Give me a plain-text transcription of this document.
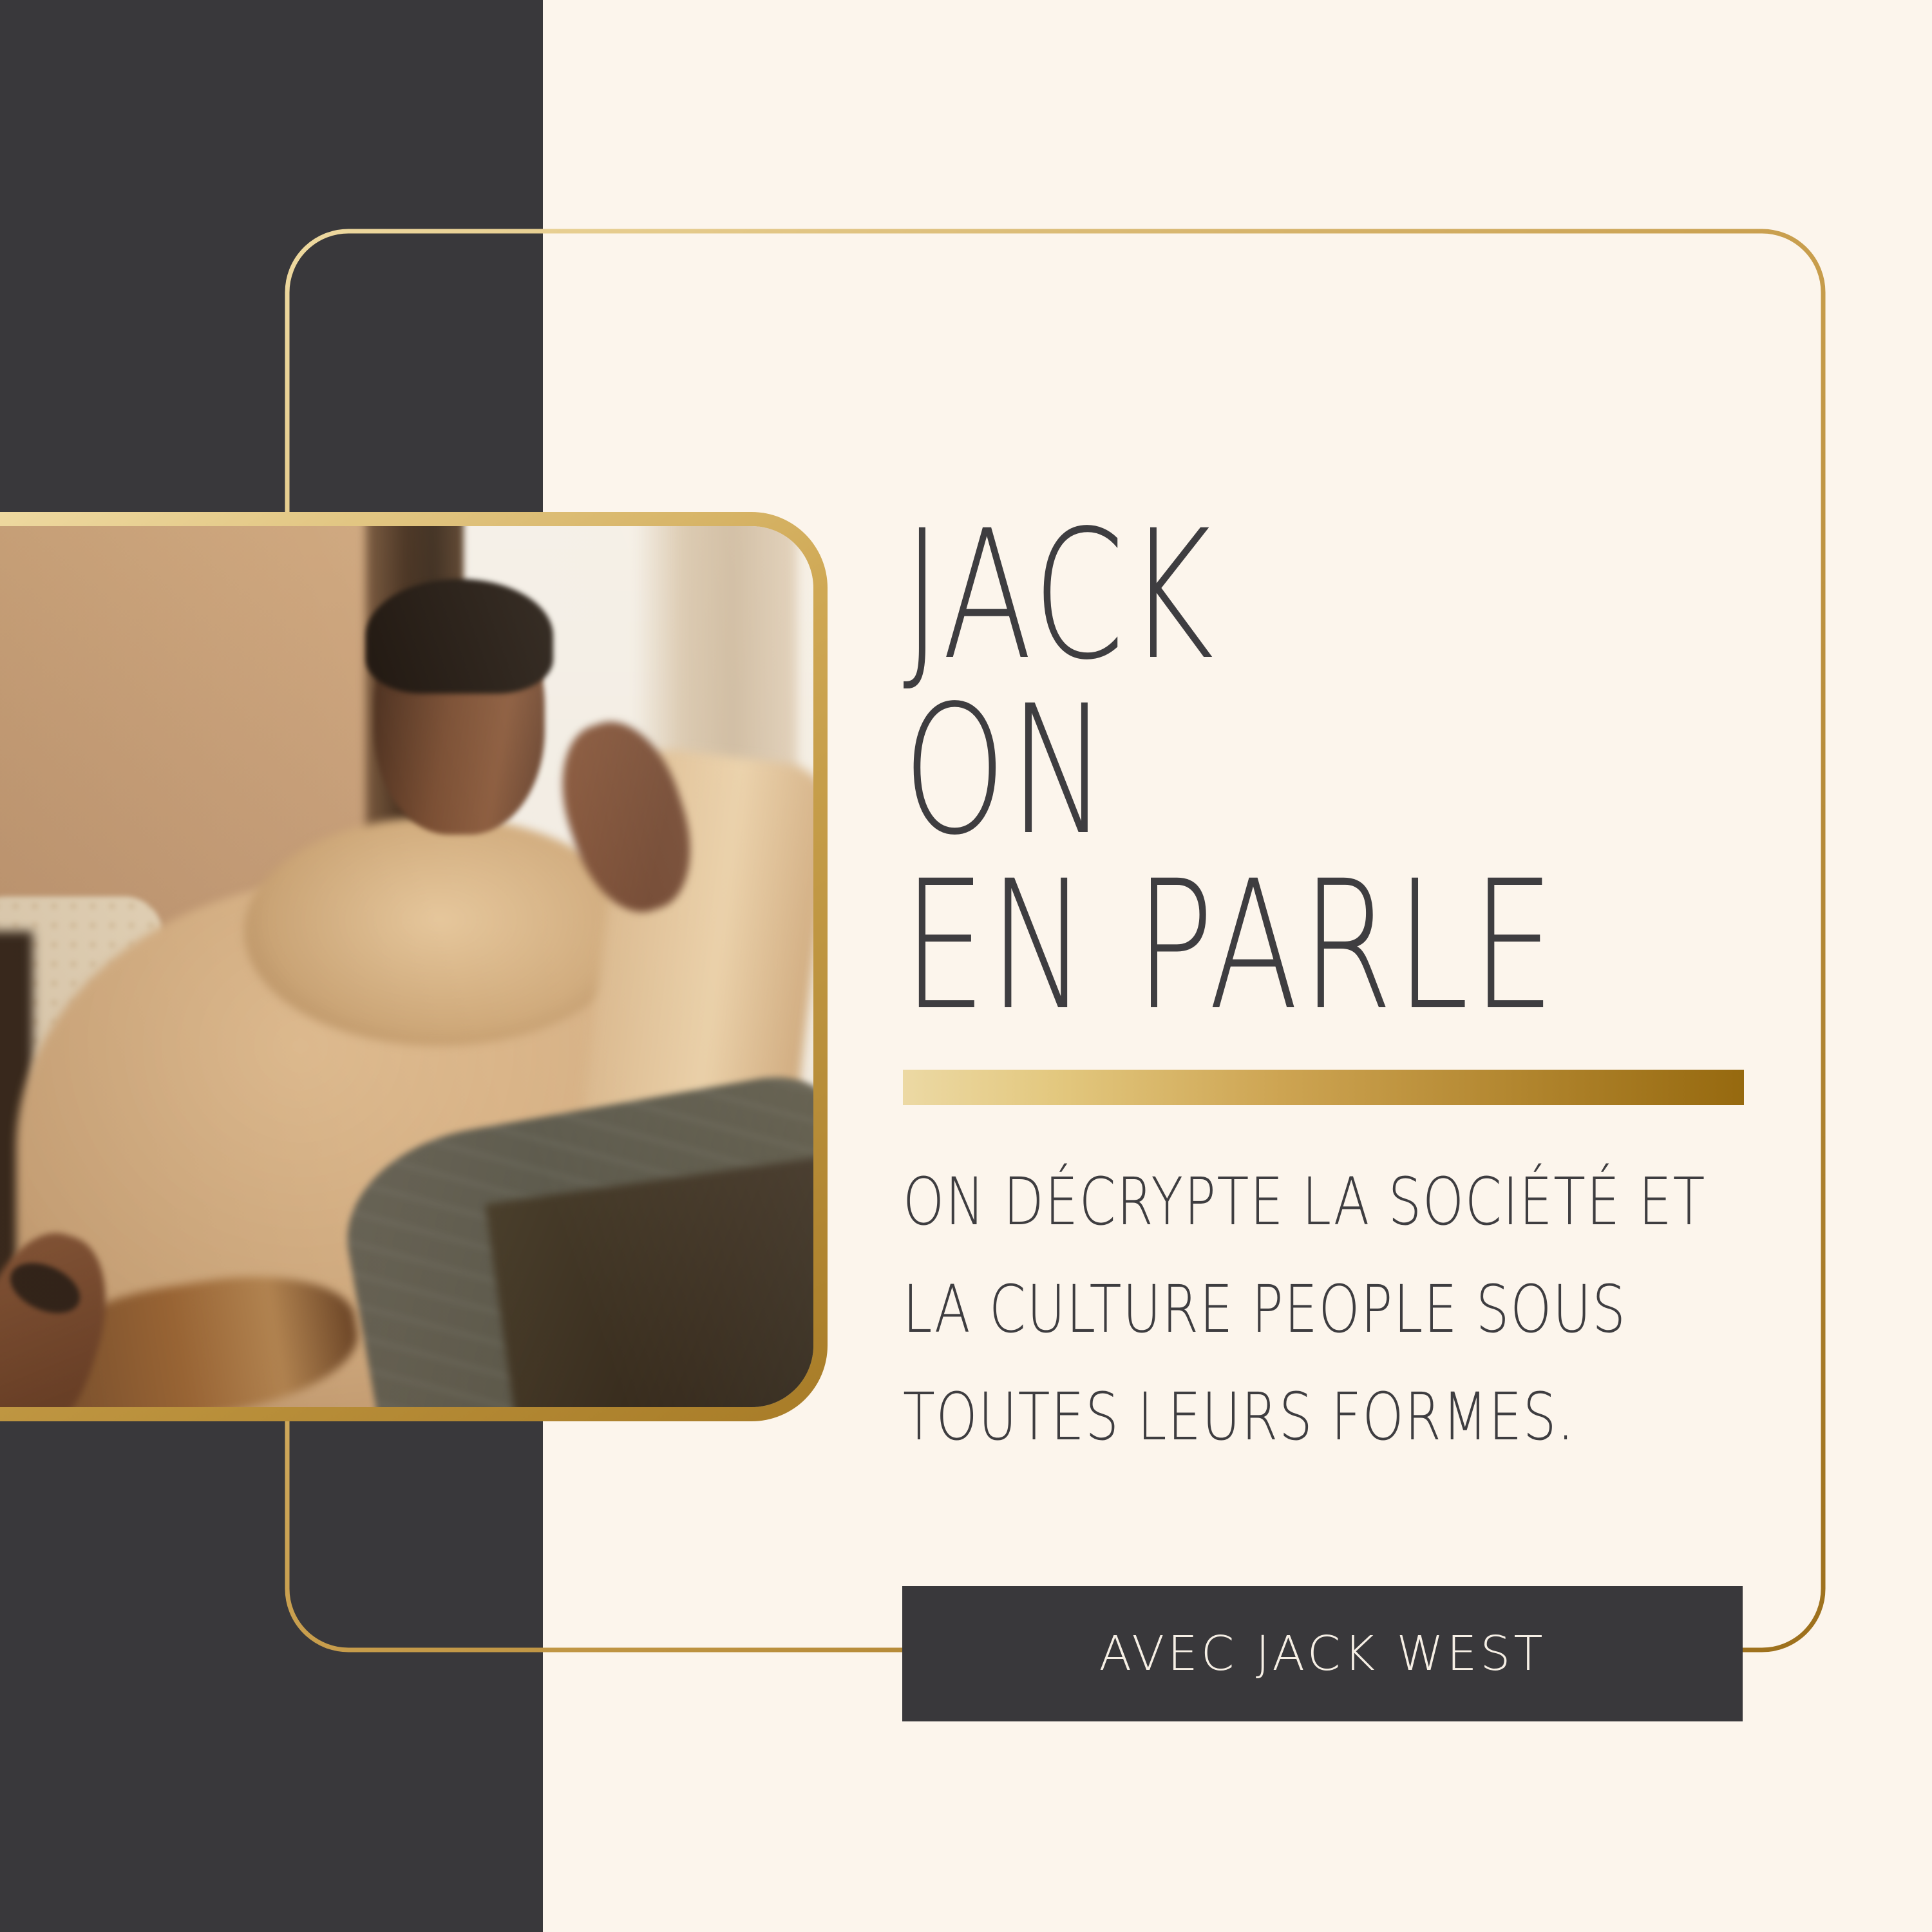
JACK
ON
EN PARLE
ON DÉCRYPTE LA SOCIÉTÉ ET
LA CULTURE PEOPLE SOUS
TOUTES LEURS FORMES.
AVEC JACK WEST
